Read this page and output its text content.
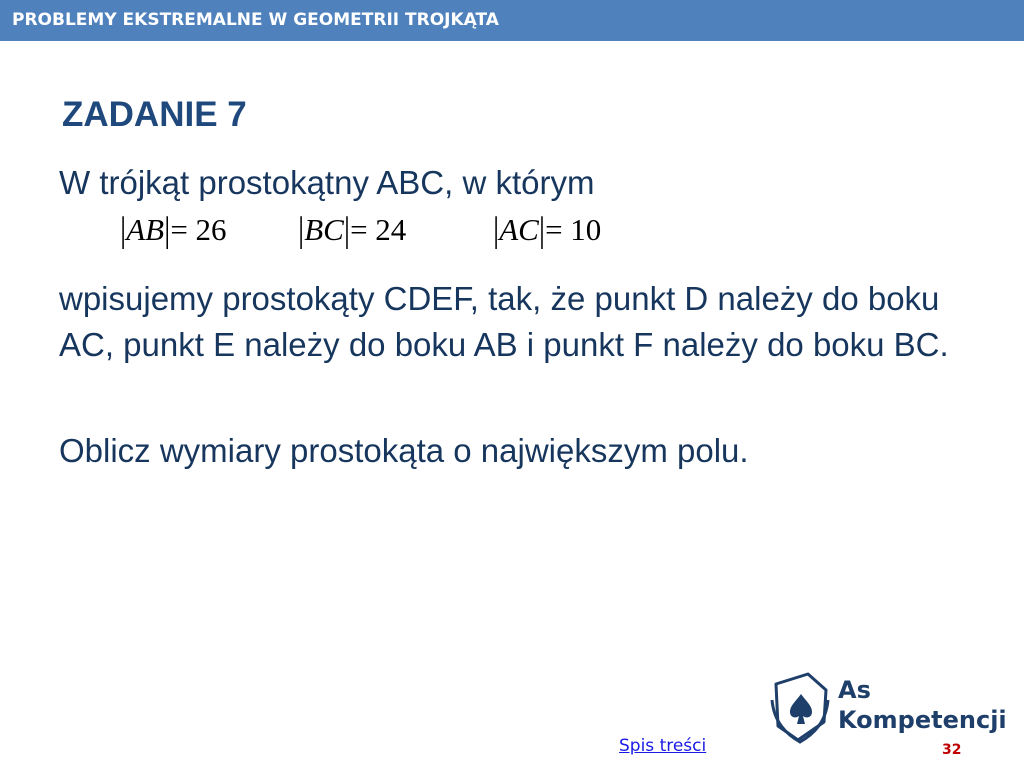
PROBLEMY EKSTREMALNE W GEOMETRII TROJKĄTA
ZADANIE 7
W trójkąt prostokątny ABC, w którym
|AB|= 26 |BC|= 24	|AC|= 10
wpisujemy prostokąty CDEF, tak, że punkt D należy do boku AC, punkt E należy do boku AB i punkt F należy do boku BC.
Oblicz wymiary prostokąta o największym polu.
As
Kompetencji
Spis treści	32
